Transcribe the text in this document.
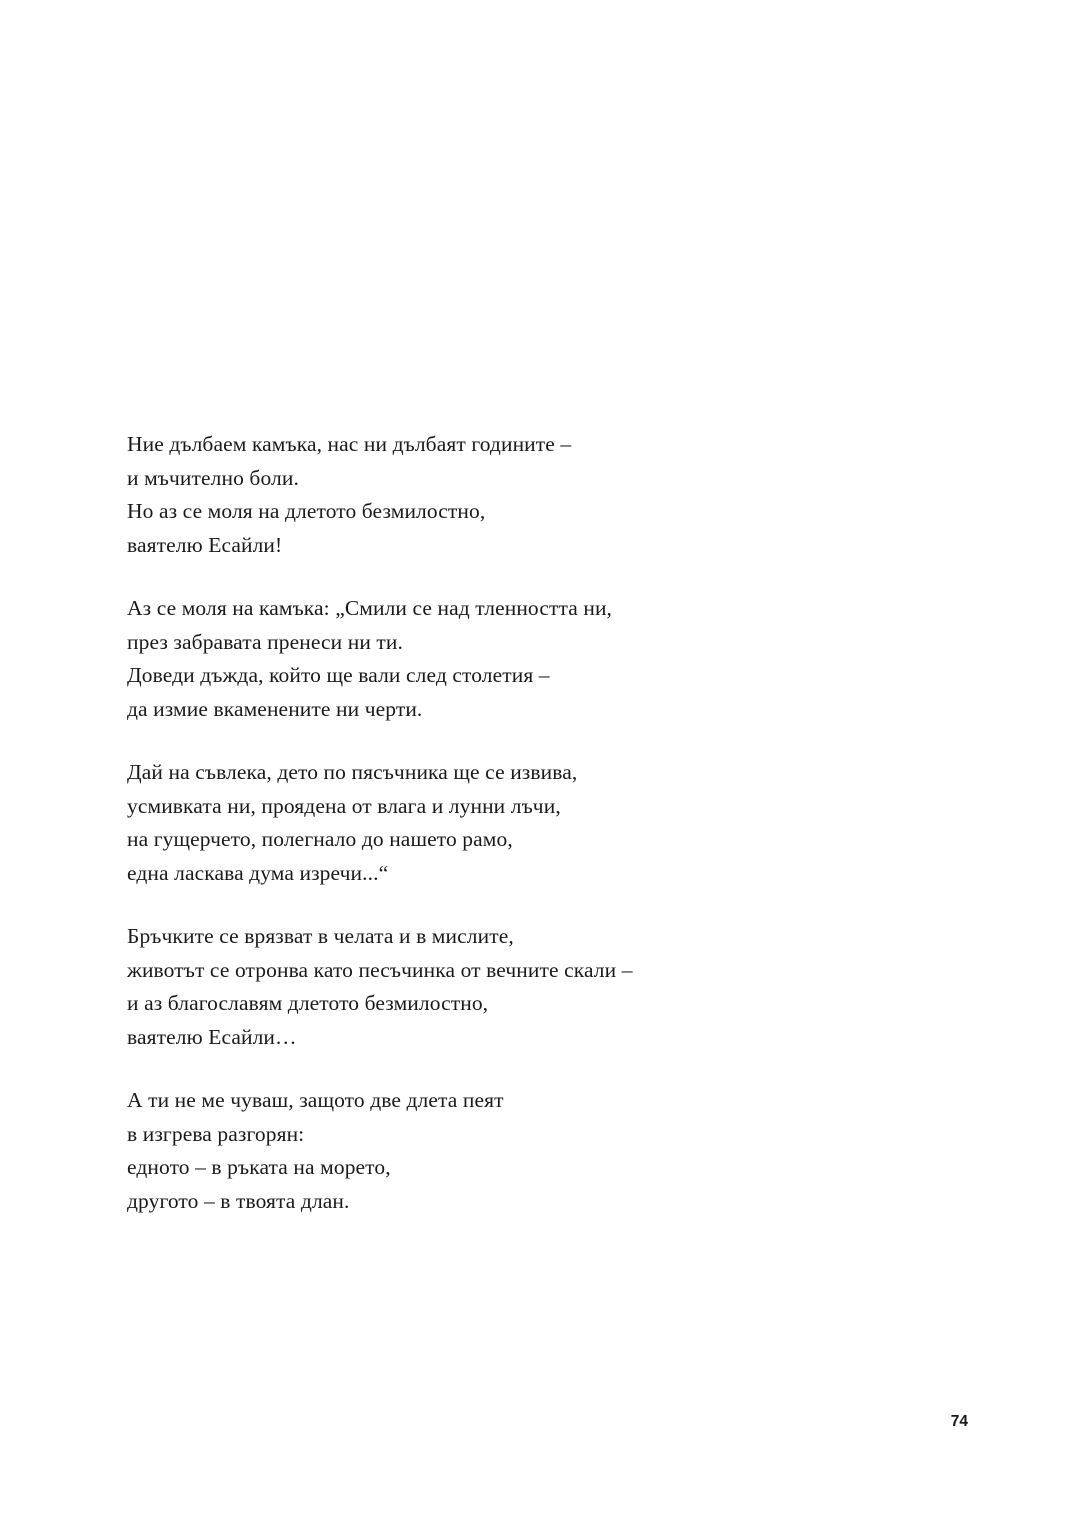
Ние дълбаем камъка, нас ни дълбаят годините –
и мъчително боли.
Но аз се моля на длетото безмилостно,
ваятелю Есайли!
Аз се моля на камъка: „Смили се над тленността ни,
през забравата пренеси ни ти.
Доведи дъжда, който ще вали след столетия –
да измие вкаменените ни черти.
Дай на съвлека, дето по пясъчника ще се извива,
усмивката ни, проядена от влага и лунни лъчи,
на гущерчето, полегнало до нашето рамо,
една ласкава дума изречи...“
Бръчките се врязват в челата и в мислите,
животът се отронва като песъчинка от вечните скали –
и аз благославям длетото безмилостно,
ваятелю Есайли…
А ти не ме чуваш, защото две длета пеят
в изгрева разгорян:
едното – в ръката на морето,
другото – в твоята длан.
74
